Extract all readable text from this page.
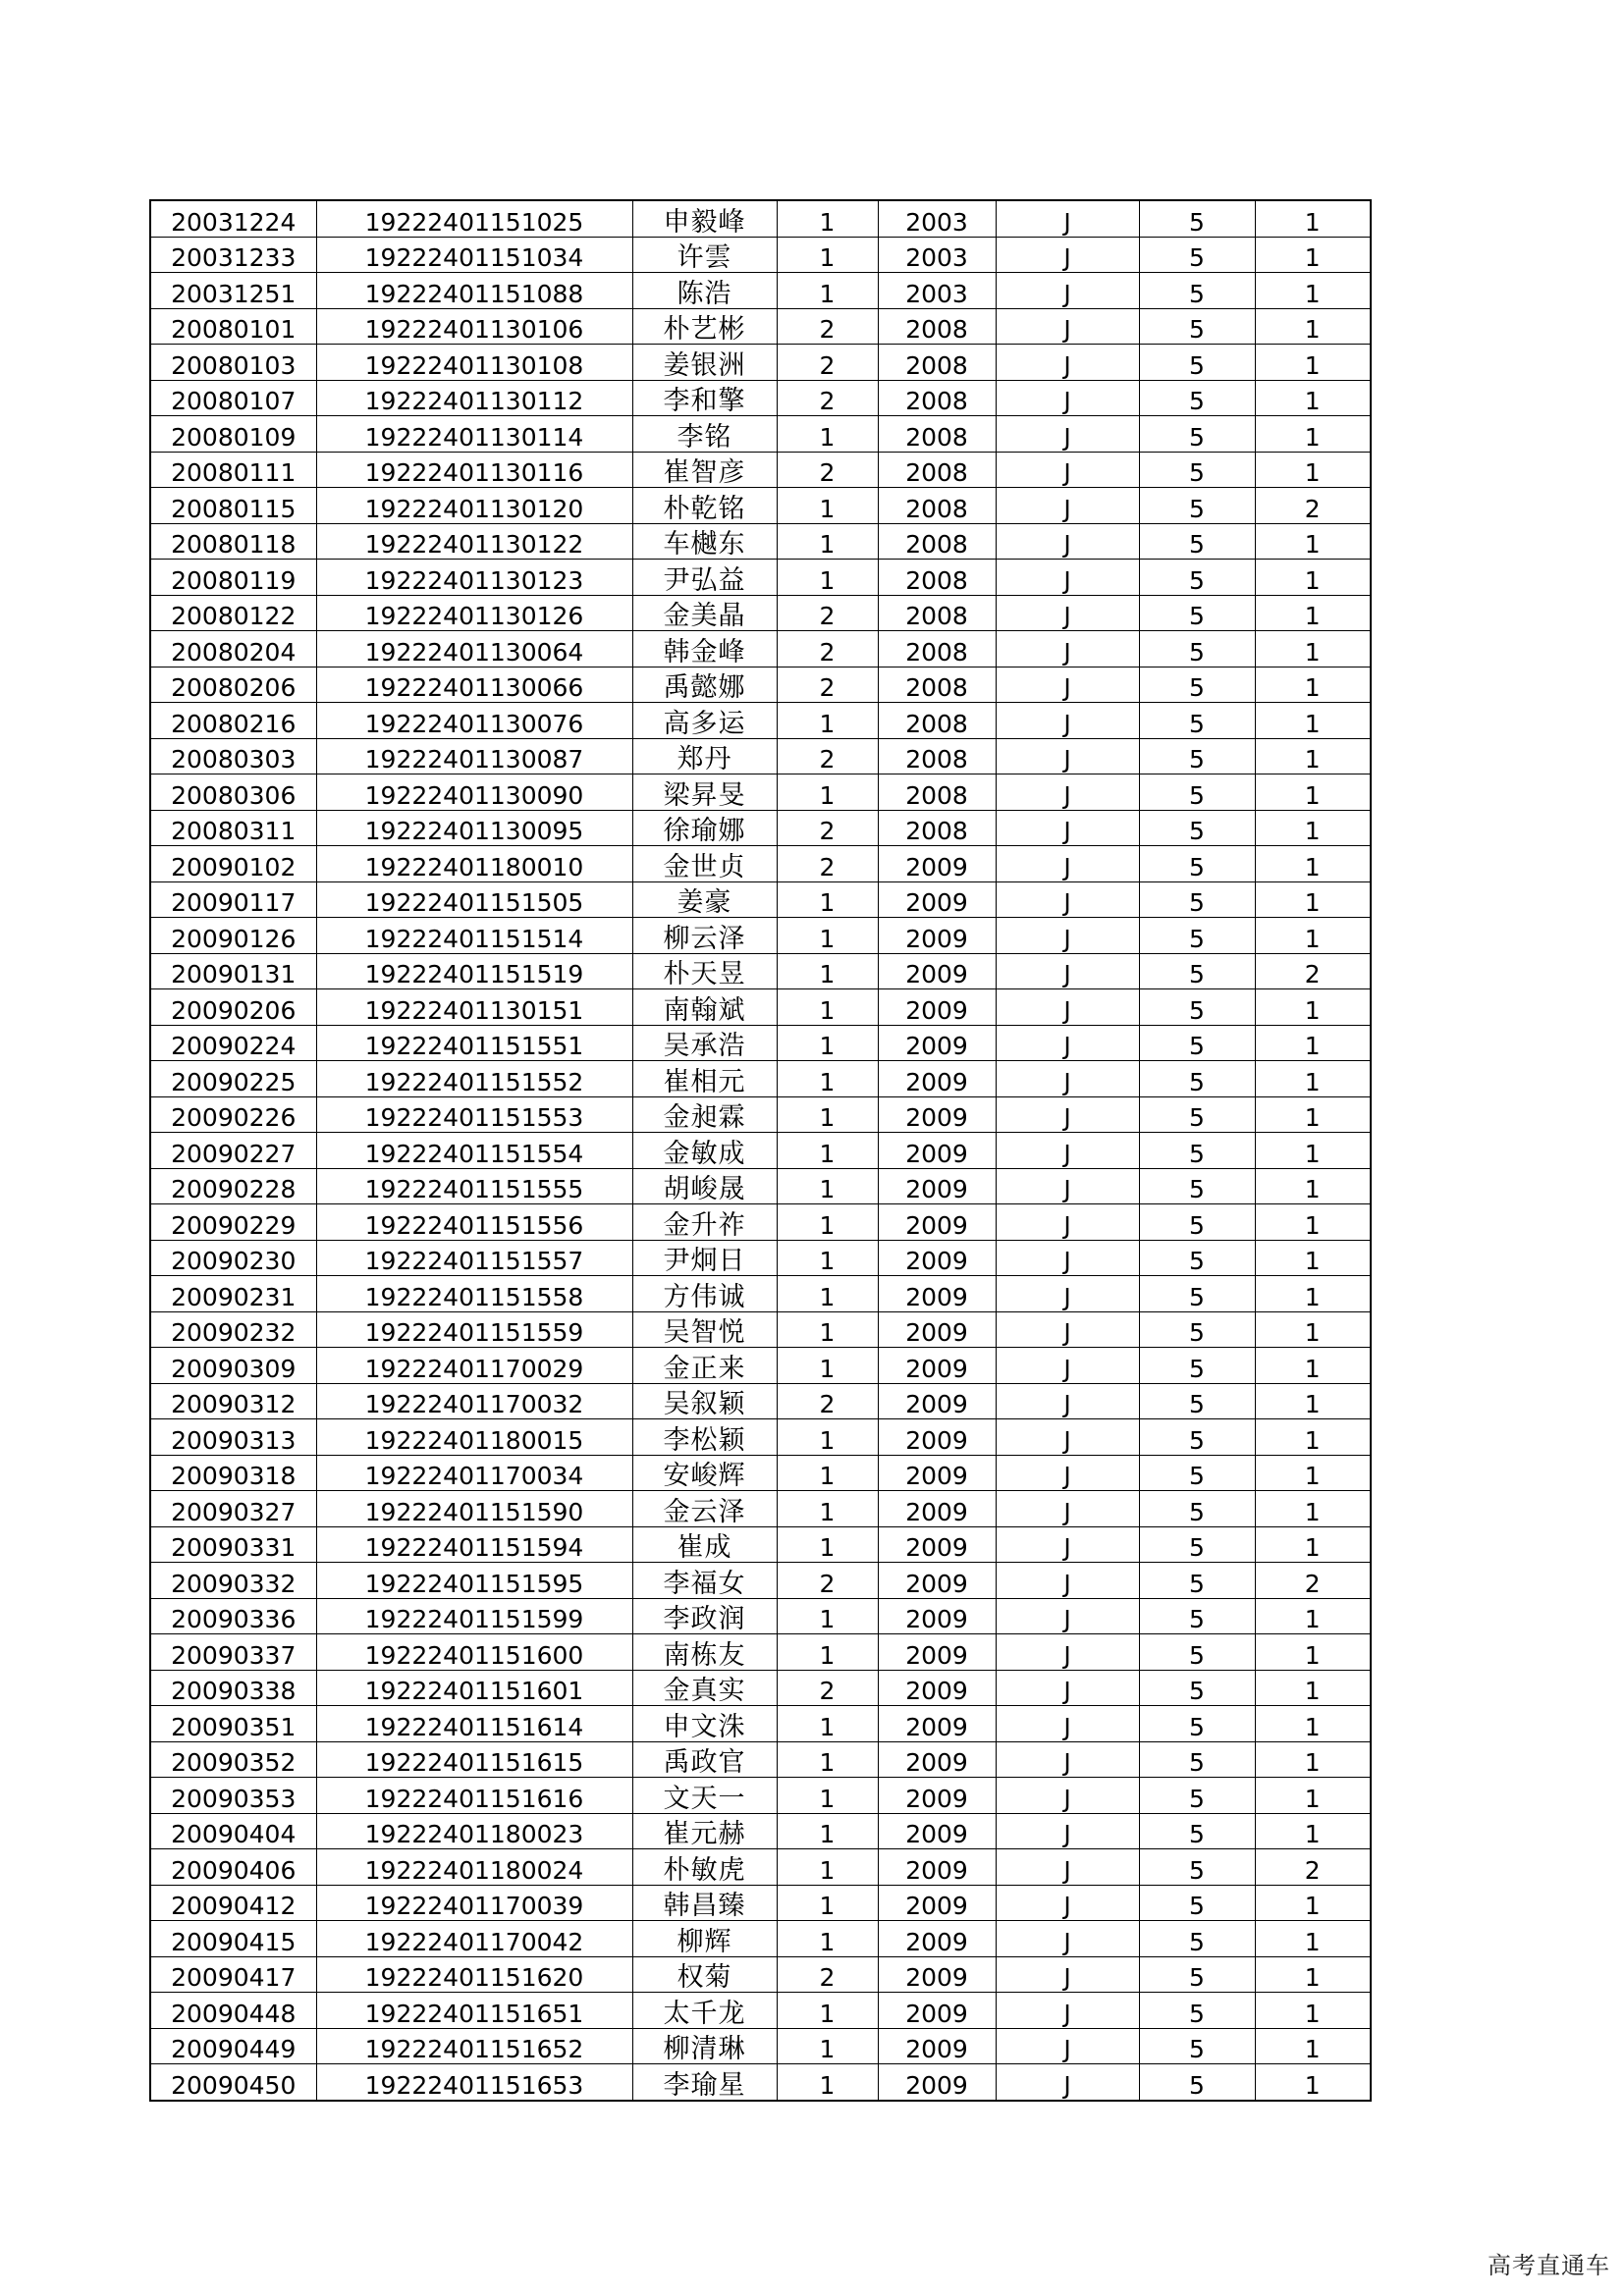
20031224	19222401151025	申毅峰	1	2003	J	5	1
20031233	19222401151034	许雲	1	2003	J	5	1
20031251	19222401151088	陈浩	1	2003	J	5	1
20080101	19222401130106	朴艺彬	2	2008	J	5	1
20080103	19222401130108	姜银洲	2	2008	J	5	1
20080107	19222401130112	李和擎	2	2008	J	5	1
20080109	19222401130114	李铭	1	2008	J	5	1
20080111	19222401130116	崔智彦	2	2008	J	5	1
20080115	19222401130120	朴乾铭	1	2008	J	5	2
20080118	19222401130122	车樾东	1	2008	J	5	1
20080119	19222401130123	尹弘益	1	2008	J	5	1
20080122	19222401130126	金美晶	2	2008	J	5	1
20080204	19222401130064	韩金峰	2	2008	J	5	1
20080206	19222401130066	禹懿娜	2	2008	J	5	1
20080216	19222401130076	高多运	1	2008	J	5	1
20080303	19222401130087	郑丹	2	2008	J	5	1
20080306	19222401130090	梁昇旻	1	2008	J	5	1
20080311	19222401130095	徐瑜娜	2	2008	J	5	1
20090102	19222401180010	金世贞	2	2009	J	5	1
20090117	19222401151505	姜豪	1	2009	J	5	1
20090126	19222401151514	柳云泽	1	2009	J	5	1
20090131	19222401151519	朴天昱	1	2009	J	5	2
20090206	19222401130151	南翰斌	1	2009	J	5	1
20090224	19222401151551	吴承浩	1	2009	J	5	1
20090225	19222401151552	崔相元	1	2009	J	5	1
20090226	19222401151553	金昶霖	1	2009	J	5	1
20090227	19222401151554	金敏成	1	2009	J	5	1
20090228	19222401151555	胡峻晟	1	2009	J	5	1
20090229	19222401151556	金升祚	1	2009	J	5	1
20090230	19222401151557	尹炯日	1	2009	J	5	1
20090231	19222401151558	方伟诚	1	2009	J	5	1
20090232	19222401151559	吴智悦	1	2009	J	5	1
20090309	19222401170029	金正来	1	2009	J	5	1
20090312	19222401170032	吴叙颖	2	2009	J	5	1
20090313	19222401180015	李松颖	1	2009	J	5	1
20090318	19222401170034	安峻辉	1	2009	J	5	1
20090327	19222401151590	金云泽	1	2009	J	5	1
20090331	19222401151594	崔成	1	2009	J	5	1
20090332	19222401151595	李福女	2	2009	J	5	2
20090336	19222401151599	李政润	1	2009	J	5	1
20090337	19222401151600	南栋友	1	2009	J	5	1
20090338	19222401151601	金真实	2	2009	J	5	1
20090351	19222401151614	申文洙	1	2009	J	5	1
20090352	19222401151615	禹政官	1	2009	J	5	1
20090353	19222401151616	文天一	1	2009	J	5	1
20090404	19222401180023	崔元赫	1	2009	J	5	1
20090406	19222401180024	朴敏虎	1	2009	J	5	2
20090412	19222401170039	韩昌臻	1	2009	J	5	1
20090415	19222401170042	柳辉	1	2009	J	5	1
20090417	19222401151620	权菊	2	2009	J	5	1
20090448	19222401151651	太千龙	1	2009	J	5	1
20090449	19222401151652	柳清琳	1	2009	J	5	1
20090450	19222401151653	李瑜星	1	2009	J	5	1
高考直通车
